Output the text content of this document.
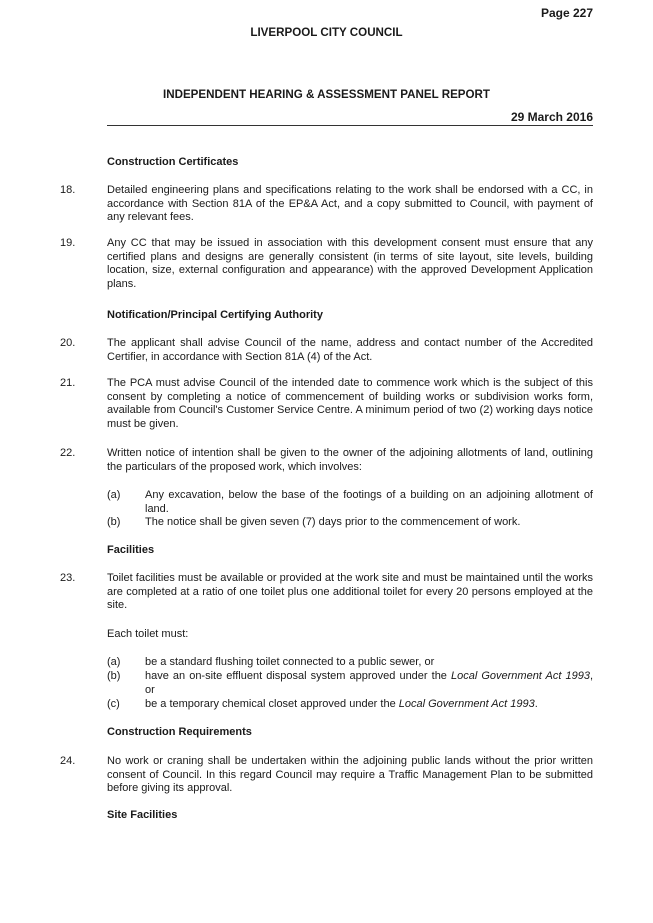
Page 227
LIVERPOOL CITY COUNCIL
INDEPENDENT HEARING & ASSESSMENT PANEL REPORT
29 March 2016
Construction Certificates
18.	Detailed engineering plans and specifications relating to the work shall be endorsed with a CC, in accordance with Section 81A of the EP&A Act, and a copy submitted to Council, with payment of any relevant fees.
19.	Any CC that may be issued in association with this development consent must ensure that any certified plans and designs are generally consistent (in terms of site layout, site levels, building location, size, external configuration and appearance) with the approved Development Application plans.
Notification/Principal Certifying Authority
20.	The applicant shall advise Council of the name, address and contact number of the Accredited Certifier, in accordance with Section 81A (4) of the Act.
21.	The PCA must advise Council of the intended date to commence work which is the subject of this consent by completing a notice of commencement of building works or subdivision works form, available from Council's Customer Service Centre. A minimum period of two (2) working days notice must be given.
22.	Written notice of intention shall be given to the owner of the adjoining allotments of land, outlining the particulars of the proposed work, which involves:
(a)	Any excavation, below the base of the footings of a building on an adjoining allotment of land.
(b)	The notice shall be given seven (7) days prior to the commencement of work.
Facilities
23.	Toilet facilities must be available or provided at the work site and must be maintained until the works are completed at a ratio of one toilet plus one additional toilet for every 20 persons employed at the site.
Each toilet must:
(a)	be a standard flushing toilet connected to a public sewer, or
(b)	have an on-site effluent disposal system approved under the Local Government Act 1993, or
(c)	be a temporary chemical closet approved under the Local Government Act 1993.
Construction Requirements
24.	No work or craning shall be undertaken within the adjoining public lands without the prior written consent of Council. In this regard Council may require a Traffic Management Plan to be submitted before giving its approval.
Site Facilities
